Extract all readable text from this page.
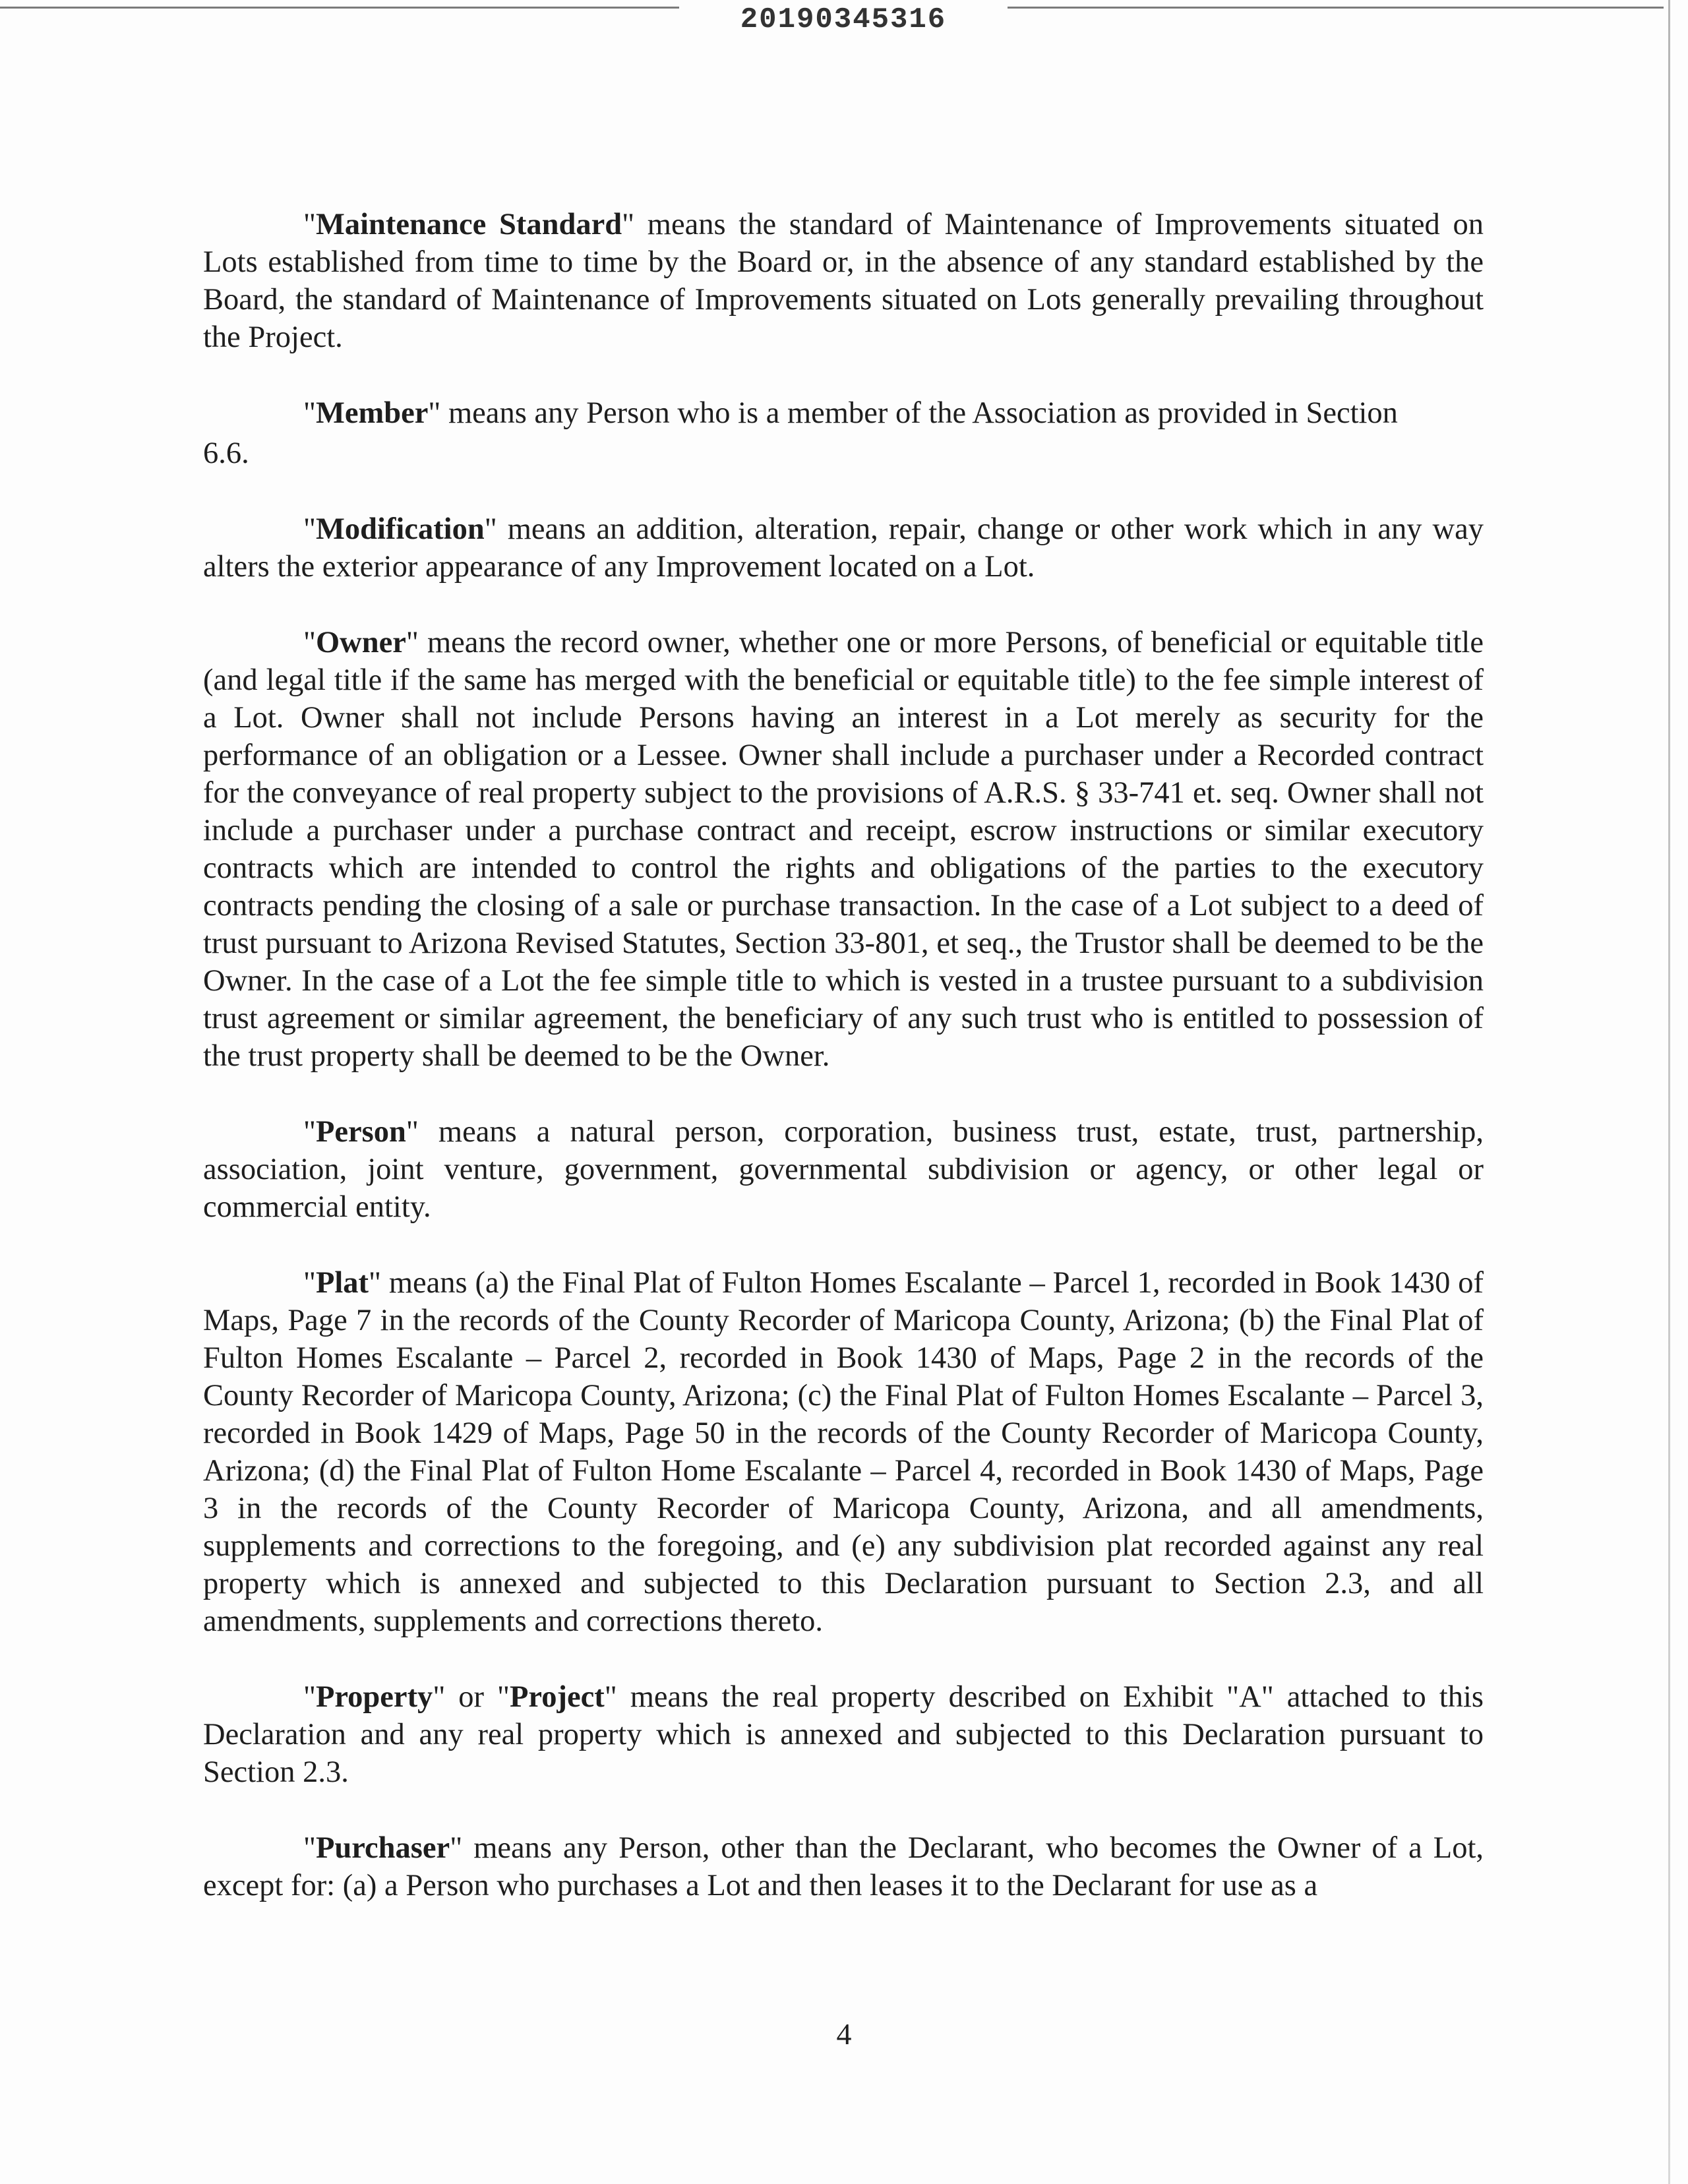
20190345316

"Maintenance Standard" means the standard of Maintenance of Improvements situated on Lots established from time to time by the Board or, in the absence of any standard established by the Board, the standard of Maintenance of Improvements situated on Lots generally prevailing throughout the Project.

"Member" means any Person who is a member of the Association as provided in Section

6.6.

"Modification" means an addition, alteration, repair, change or other work which in any way alters the exterior appearance of any Improvement located on a Lot.

"Owner" means the record owner, whether one or more Persons, of beneficial or equitable title (and legal title if the same has merged with the beneficial or equitable title) to the fee simple interest of a Lot. Owner shall not include Persons having an interest in a Lot merely as security for the performance of an obligation or a Lessee. Owner shall include a purchaser under a Recorded contract for the conveyance of real property subject to the provisions of A.R.S. § 33-741 et. seq. Owner shall not include a purchaser under a purchase contract and receipt, escrow instructions or similar executory contracts which are intended to control the rights and obligations of the parties to the executory contracts pending the closing of a sale or purchase transaction. In the case of a Lot subject to a deed of trust pursuant to Arizona Revised Statutes, Section 33-801, et seq., the Trustor shall be deemed to be the Owner. In the case of a Lot the fee simple title to which is vested in a trustee pursuant to a subdivision trust agreement or similar agreement, the beneficiary of any such trust who is entitled to possession of the trust property shall be deemed to be the Owner.

"Person" means a natural person, corporation, business trust, estate, trust, partnership, association, joint venture, government, governmental subdivision or agency, or other legal or commercial entity.

"Plat" means (a) the Final Plat of Fulton Homes Escalante – Parcel 1, recorded in Book 1430 of Maps, Page 7 in the records of the County Recorder of Maricopa County, Arizona; (b) the Final Plat of Fulton Homes Escalante – Parcel 2, recorded in Book 1430 of Maps, Page 2 in the records of the County Recorder of Maricopa County, Arizona; (c) the Final Plat of Fulton Homes Escalante – Parcel 3, recorded in Book 1429 of Maps, Page 50 in the records of the County Recorder of Maricopa County, Arizona; (d) the Final Plat of Fulton Home Escalante – Parcel 4, recorded in Book 1430 of Maps, Page 3 in the records of the County Recorder of Maricopa County, Arizona, and all amendments, supplements and corrections to the foregoing, and (e) any subdivision plat recorded against any real property which is annexed and subjected to this Declaration pursuant to Section 2.3, and all amendments, supplements and corrections thereto.

"Property" or "Project" means the real property described on Exhibit "A" attached to this Declaration and any real property which is annexed and subjected to this Declaration pursuant to Section 2.3.

"Purchaser" means any Person, other than the Declarant, who becomes the Owner of a Lot, except for: (a) a Person who purchases a Lot and then leases it to the Declarant for use as a

4
